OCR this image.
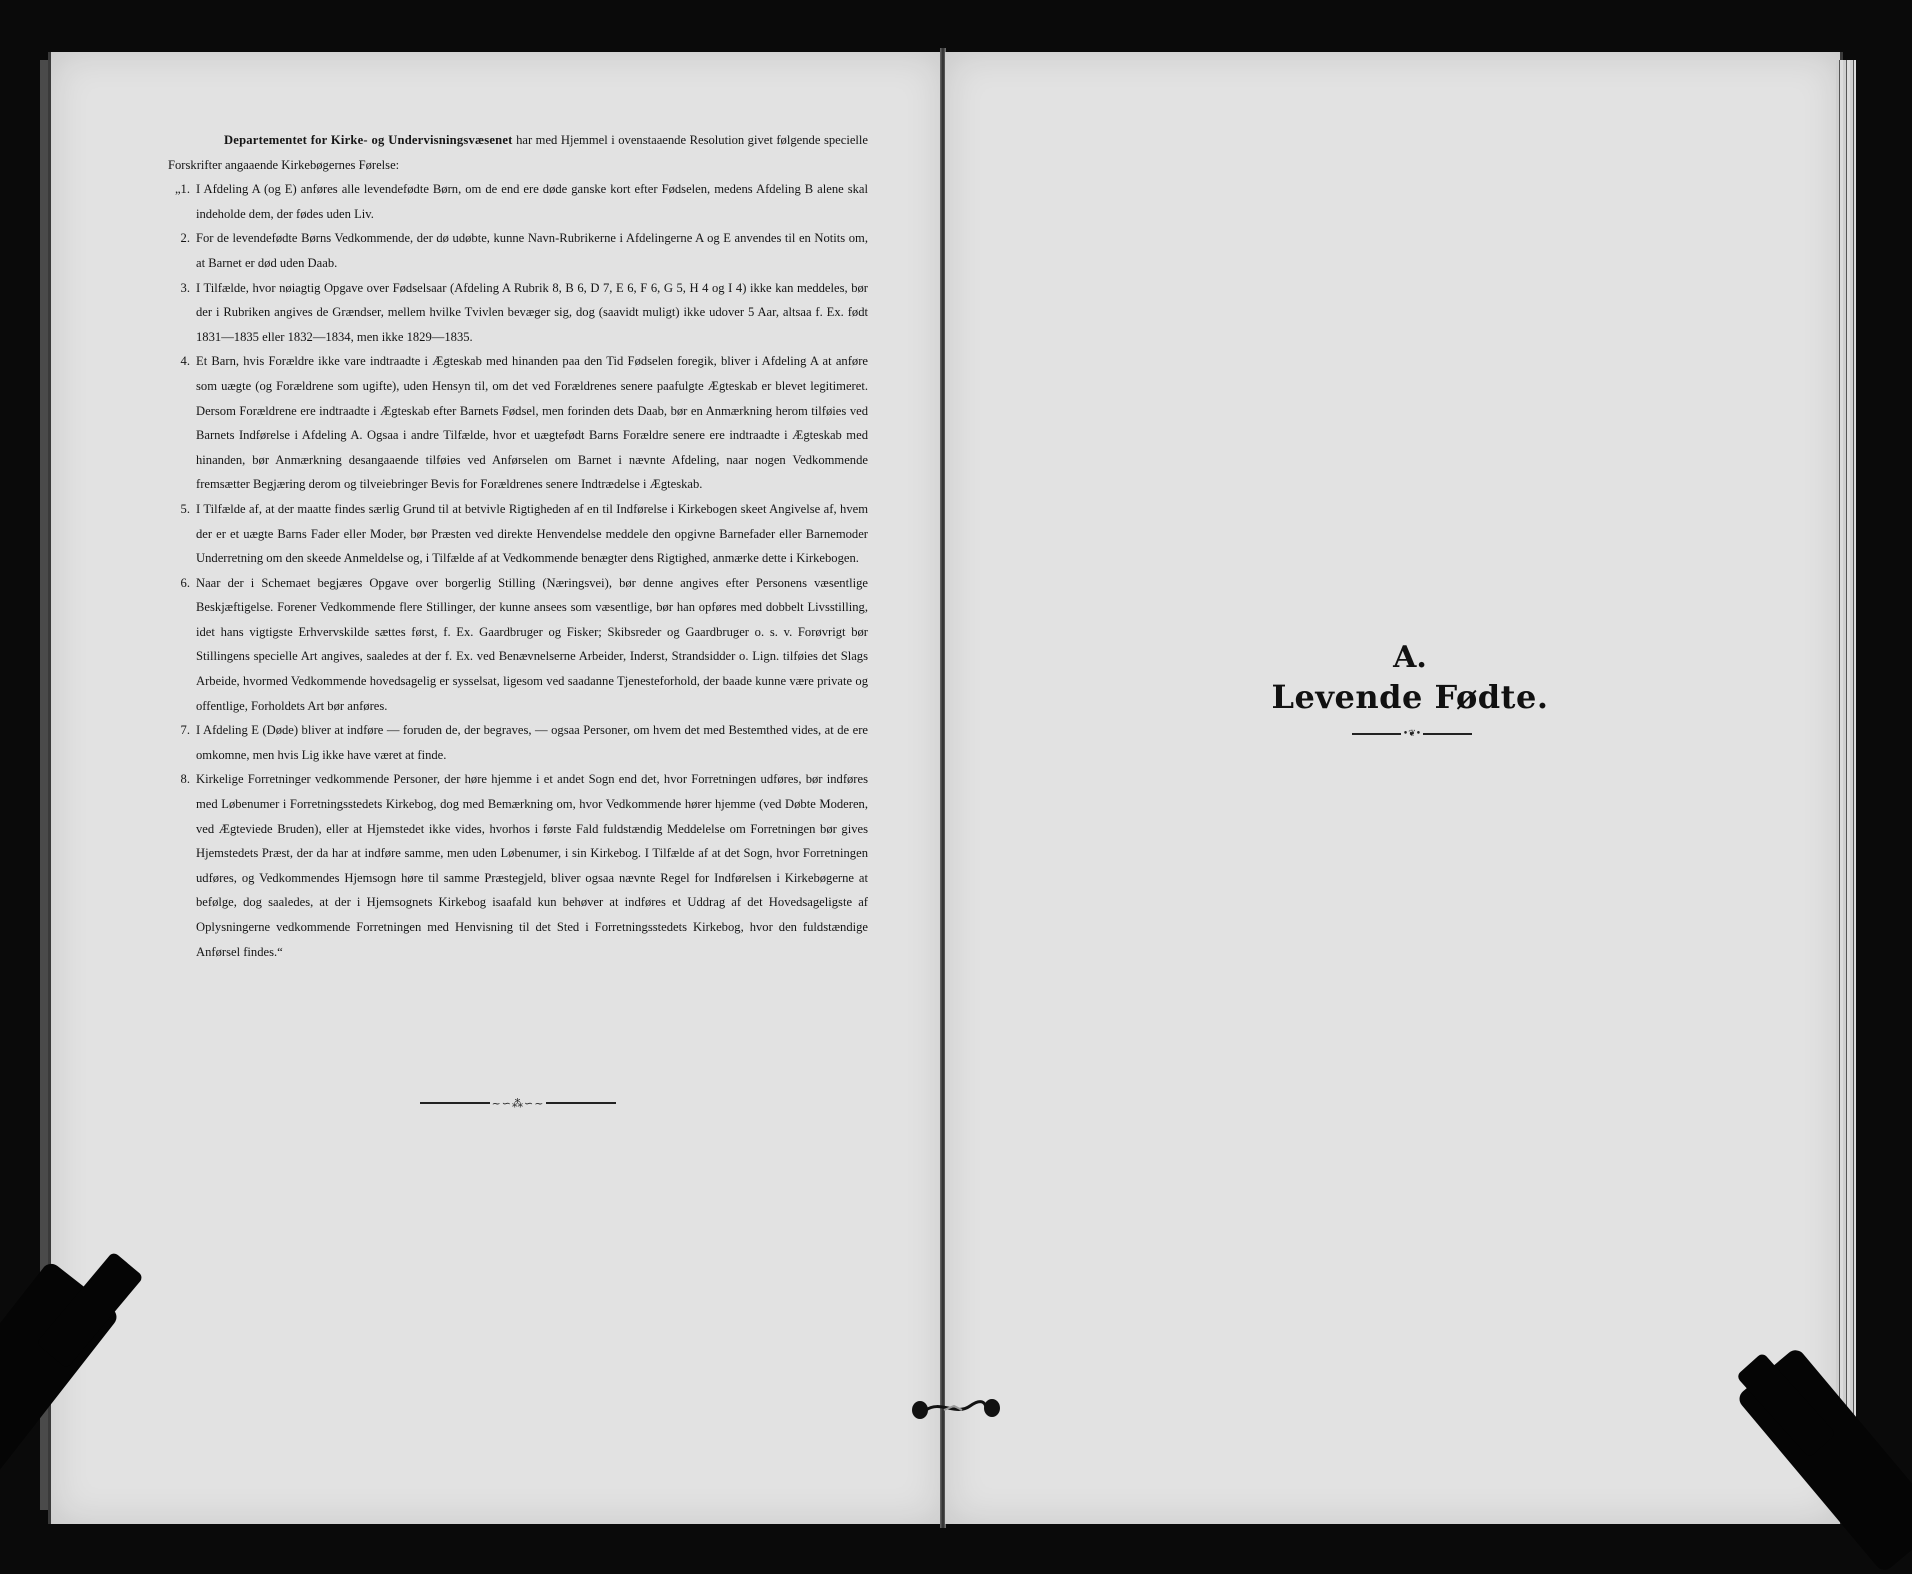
Departementet for Kirke- og Undervisningsvæsenet har med Hjemmel i ovenstaaende Resolution givet følgende specielle Forskrifter angaaende Kirkebøgernes Førelse:

„1. I Afdeling A (og E) anføres alle levendefødte Børn, om de end ere døde ganske kort efter Fødselen, medens Afdeling B alene skal indeholde dem, der fødes uden Liv.

2. For de levendefødte Børns Vedkommende, der dø udøbte, kunne Navn-Rubrikerne i Afdelingerne A og E anvendes til en Notits om, at Barnet er død uden Daab.

3. I Tilfælde, hvor nøiagtig Opgave over Fødselsaar (Afdeling A Rubrik 8, B 6, D 7, E 6, F 6, G 5, H 4 og I 4) ikke kan meddeles, bør der i Rubriken angives de Grændser, mellem hvilke Tvivlen bevæger sig, dog (saavidt muligt) ikke udover 5 Aar, altsaa f. Ex. født 1831—1835 eller 1832—1834, men ikke 1829—1835.

4. Et Barn, hvis Forældre ikke vare indtraadte i Ægteskab med hinanden paa den Tid Fødselen foregik, bliver i Afdeling A at anføre som uægte (og Forældrene som ugifte), uden Hensyn til, om det ved Forældrenes senere paafulgte Ægteskab er blevet legitimeret. Dersom Forældrene ere indtraadte i Ægteskab efter Barnets Fødsel, men forinden dets Daab, bør en Anmærkning herom tilføies ved Barnets Indførelse i Afdeling A. Ogsaa i andre Tilfælde, hvor et uægtefødt Barns Forældre senere ere indtraadte i Ægteskab med hinanden, bør Anmærkning desangaaende tilføies ved Anførselen om Barnet i nævnte Afdeling, naar nogen Vedkommende fremsætter Begjæring derom og tilveiebringer Bevis for Forældrenes senere Indtrædelse i Ægteskab.

5. I Tilfælde af, at der maatte findes særlig Grund til at betvivle Rigtigheden af en til Indførelse i Kirkebogen skeet Angivelse af, hvem der er et uægte Barns Fader eller Moder, bør Præsten ved direkte Henvendelse meddele den opgivne Barnefader eller Barnemoder Underretning om den skeede Anmeldelse og, i Tilfælde af at Vedkommende benægter dens Rigtighed, anmærke dette i Kirkebogen.

6. Naar der i Schemaet begjæres Opgave over borgerlig Stilling (Næringsvei), bør denne angives efter Personens væsentlige Beskjæftigelse. Forener Vedkommende flere Stillinger, der kunne ansees som væsentlige, bør han opføres med dobbelt Livsstilling, idet hans vigtigste Erhvervskilde sættes først, f. Ex. Gaardbruger og Fisker; Skibsreder og Gaardbruger o. s. v. Forøvrigt bør Stillingens specielle Art angives, saaledes at der f. Ex. ved Benævnelserne Arbeider, Inderst, Strandsidder o. Lign. tilføies det Slags Arbeide, hvormed Vedkommende hovedsagelig er sysselsat, ligesom ved saadanne Tjenesteforhold, der baade kunne være private og offentlige, Forholdets Art bør anføres.

7. I Afdeling E (Døde) bliver at indføre — foruden de, der begraves, — ogsaa Personer, om hvem det med Bestemthed vides, at de ere omkomne, men hvis Lig ikke have været at finde.

8. Kirkelige Forretninger vedkommende Personer, der høre hjemme i et andet Sogn end det, hvor Forretningen udføres, bør indføres med Løbenumer i Forretningsstedets Kirkebog, dog med Bemærkning om, hvor Vedkommende hører hjemme (ved Døbte Moderen, ved Ægteviede Bruden), eller at Hjemstedet ikke vides, hvorhos i første Fald fuldstændig Meddelelse om Forretningen bør gives Hjemstedets Præst, der da har at indføre samme, men uden Løbenumer, i sin Kirkebog. I Tilfælde af at det Sogn, hvor Forretningen udføres, og Vedkommendes Hjemsogn høre til samme Præstegjeld, bliver ogsaa nævnte Regel for Indførelsen i Kirkebøgerne at befølge, dog saaledes, at der i Hjemsognets Kirkebog isaafald kun behøver at indføres et Uddrag af det Hovedsageligste af Oplysningerne vedkommende Forretningen med Henvisning til det Sted i Forretningsstedets Kirkebog, hvor den fuldstændige Anførsel findes.“

~∽⁂∽~
A.
Levende Fødte.
•❦•
